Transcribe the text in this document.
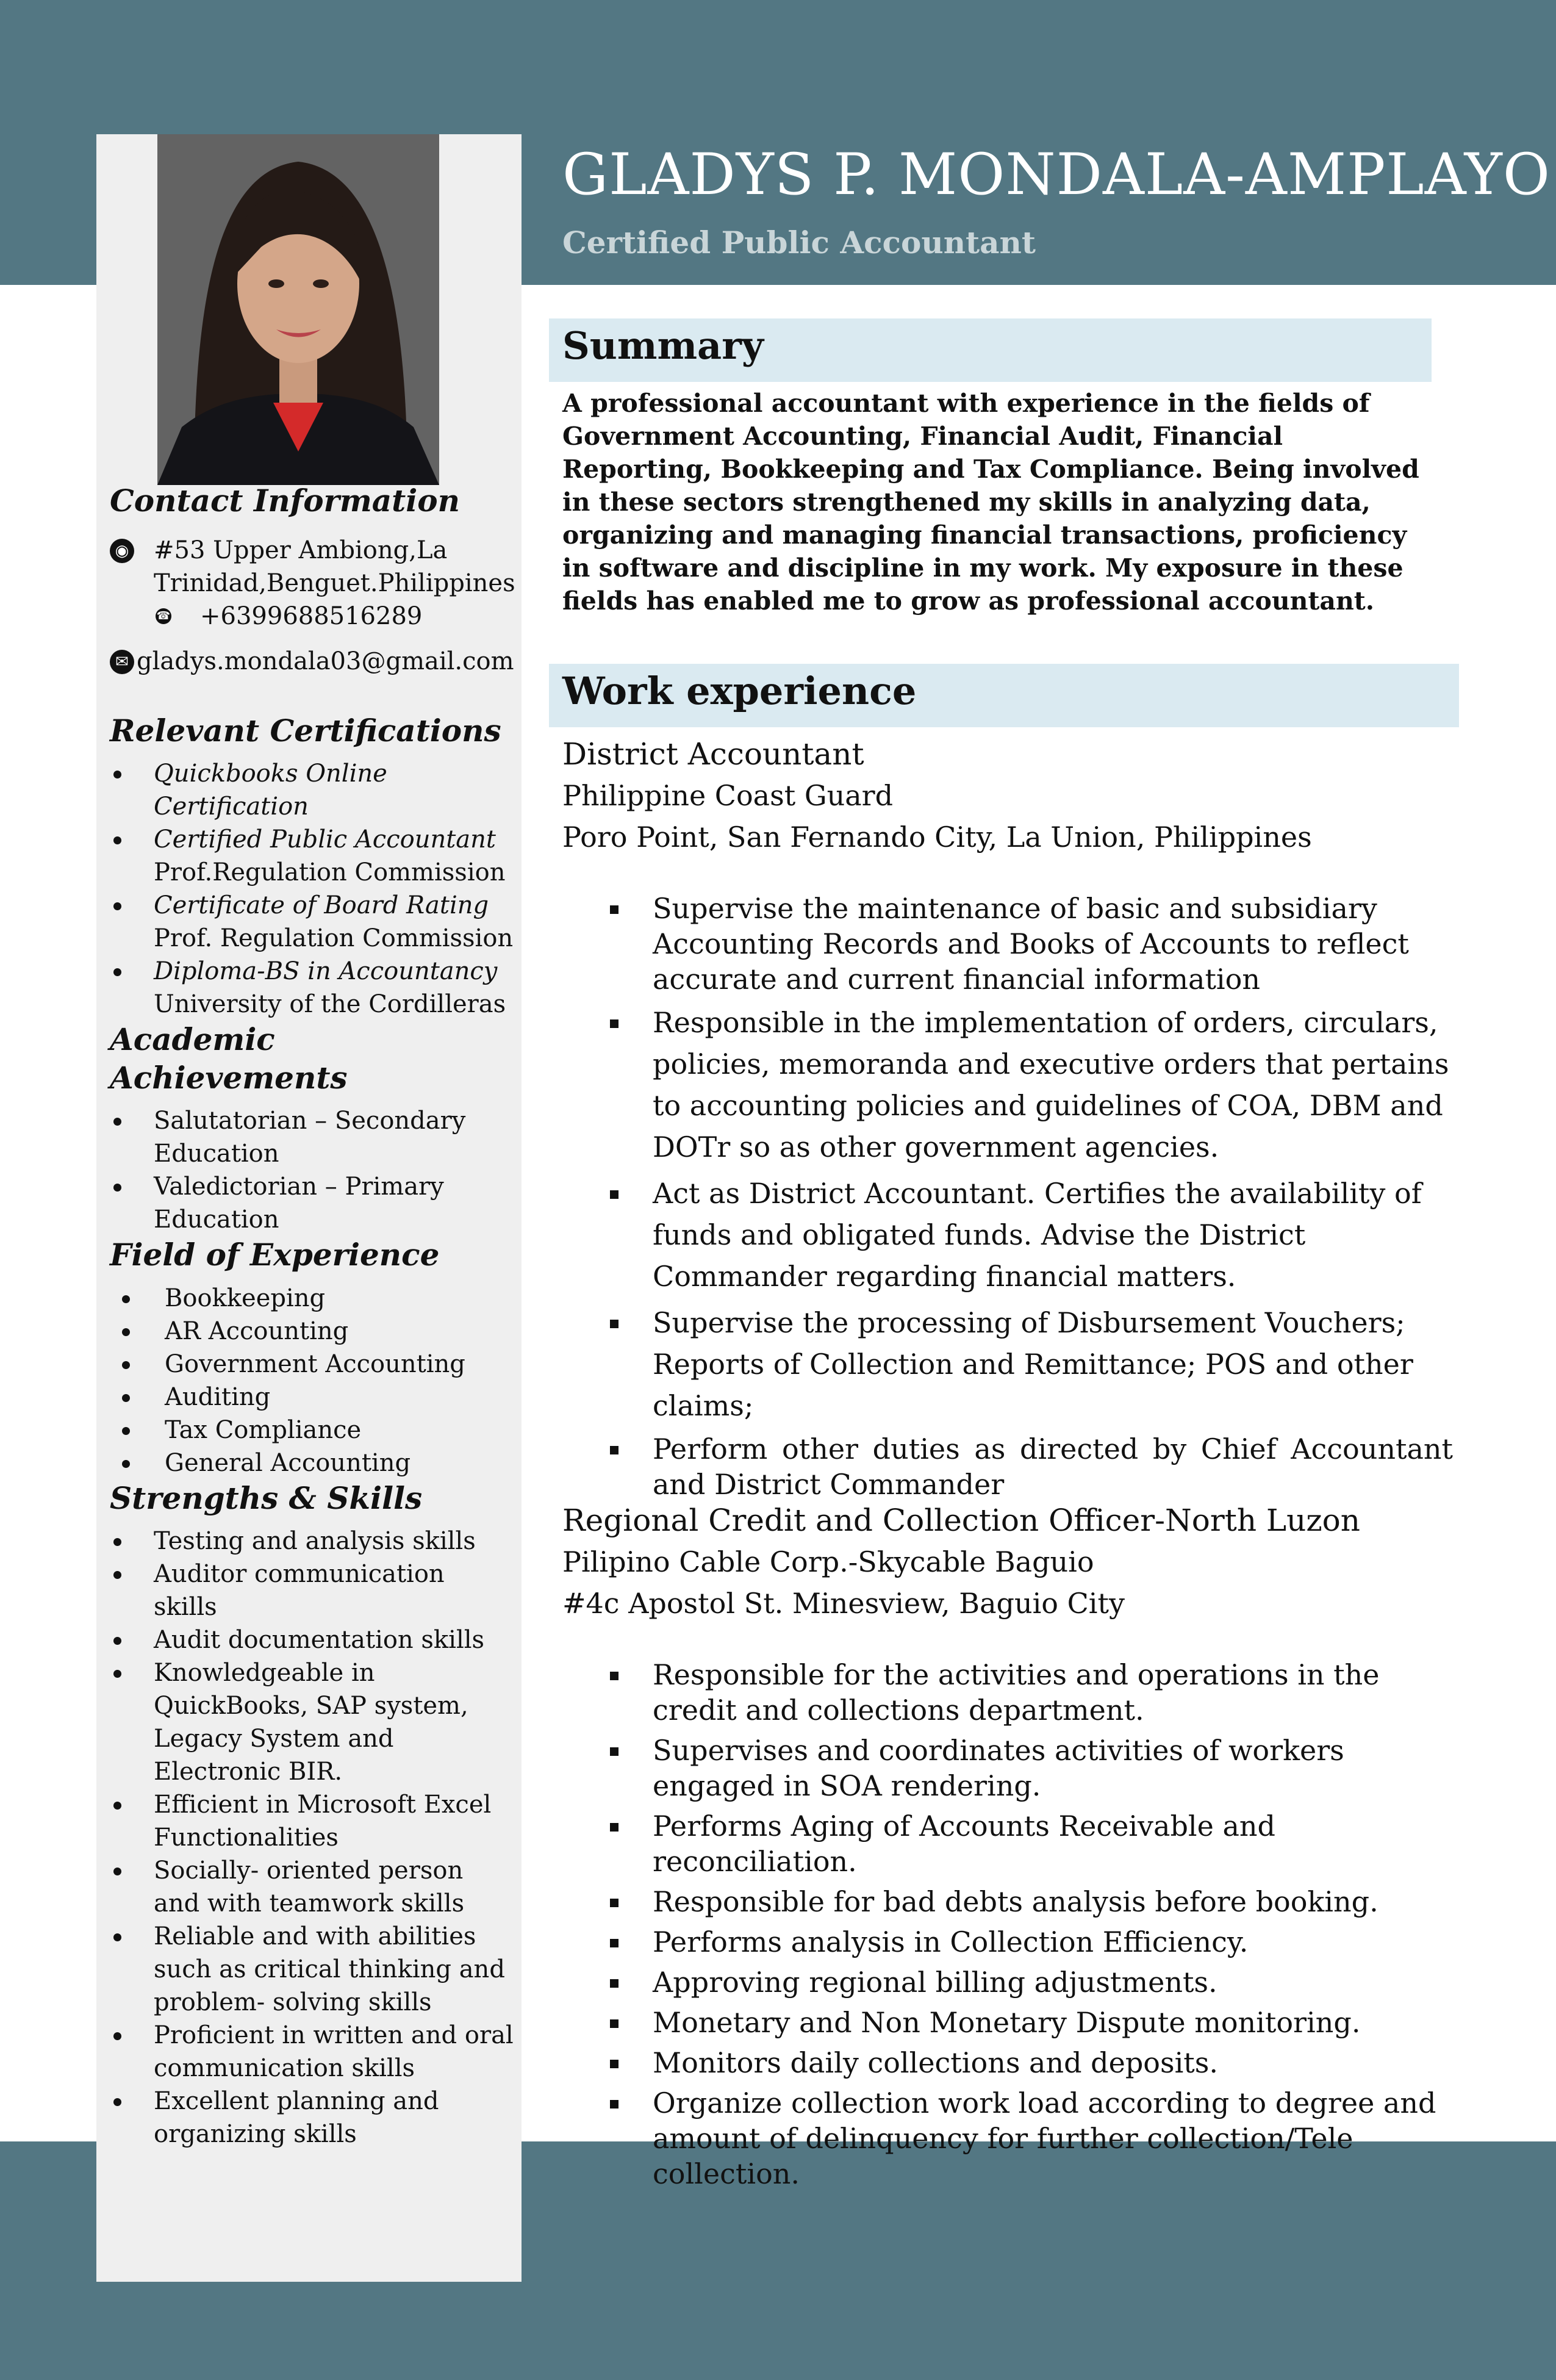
Contact Information
◉ #53 Upper Ambiong,La Trinidad,Benguet.Philippines
☎ +6399688516289
✉ gladys.mondala03@gmail.com
Relevant Certifications
Quickbooks Online Certification
Certified Public Accountant
Prof.Regulation Commission
Certificate of Board Rating
Prof. Regulation Commission
Diploma-BS in Accountancy
University of the Cordilleras
Academic Achievements
Salutatorian – Secondary Education
Valedictorian – Primary Education
Field of Experience
Bookkeeping
AR Accounting
Government Accounting
Auditing
Tax Compliance
General Accounting
Strengths & Skills
Testing and analysis skills
Auditor communication skills
Audit documentation skills
Knowledgeable in QuickBooks, SAP system, Legacy System and Electronic BIR.
Efficient in Microsoft Excel Functionalities
Socially- oriented person and with teamwork skills
Reliable and with abilities such as critical thinking and problem- solving skills
Proficient in written and oral communication skills
Excellent planning and organizing skills
GLADYS P. MONDALA-AMPLAYO
Certified Public Accountant
Summary

A professional accountant with experience in the fields of Government Accounting, Financial Audit, Financial Reporting, Bookkeeping and Tax Compliance. Being involved in these sectors strengthened my skills in analyzing data, organizing and managing financial transactions, proficiency in software and discipline in my work. My exposure in these fields has enabled me to grow as professional accountant.

Work experience
District Accountant
Philippine Coast Guard
Poro Point, San Fernando City, La Union, Philippines
Supervise the maintenance of basic and subsidiary Accounting Records and Books of Accounts to reflect accurate and current financial information
Responsible in the implementation of orders, circulars, policies, memoranda and executive orders that pertains to accounting policies and guidelines of COA, DBM and DOTr so as other government agencies.
Act as District Accountant. Certifies the availability of funds and obligated funds. Advise the District Commander regarding financial matters.
Supervise the processing of Disbursement Vouchers; Reports of Collection and Remittance; POS and other claims;
Perform other duties as directed by Chief Accountant and District Commander
Regional Credit and Collection Officer-North Luzon
Pilipino Cable Corp.-Skycable Baguio
#4c Apostol St. Minesview, Baguio City
Responsible for the activities and operations in the credit and collections department.
Supervises and coordinates activities of workers engaged in SOA rendering.
Performs Aging of Accounts Receivable and reconciliation.
Responsible for bad debts analysis before booking.
Performs analysis in Collection Efficiency.
Approving regional billing adjustments.
Monetary and Non Monetary Dispute monitoring.
Monitors daily collections and deposits.
Organize collection work load according to degree and amount of delinquency for further collection/Tele collection.
